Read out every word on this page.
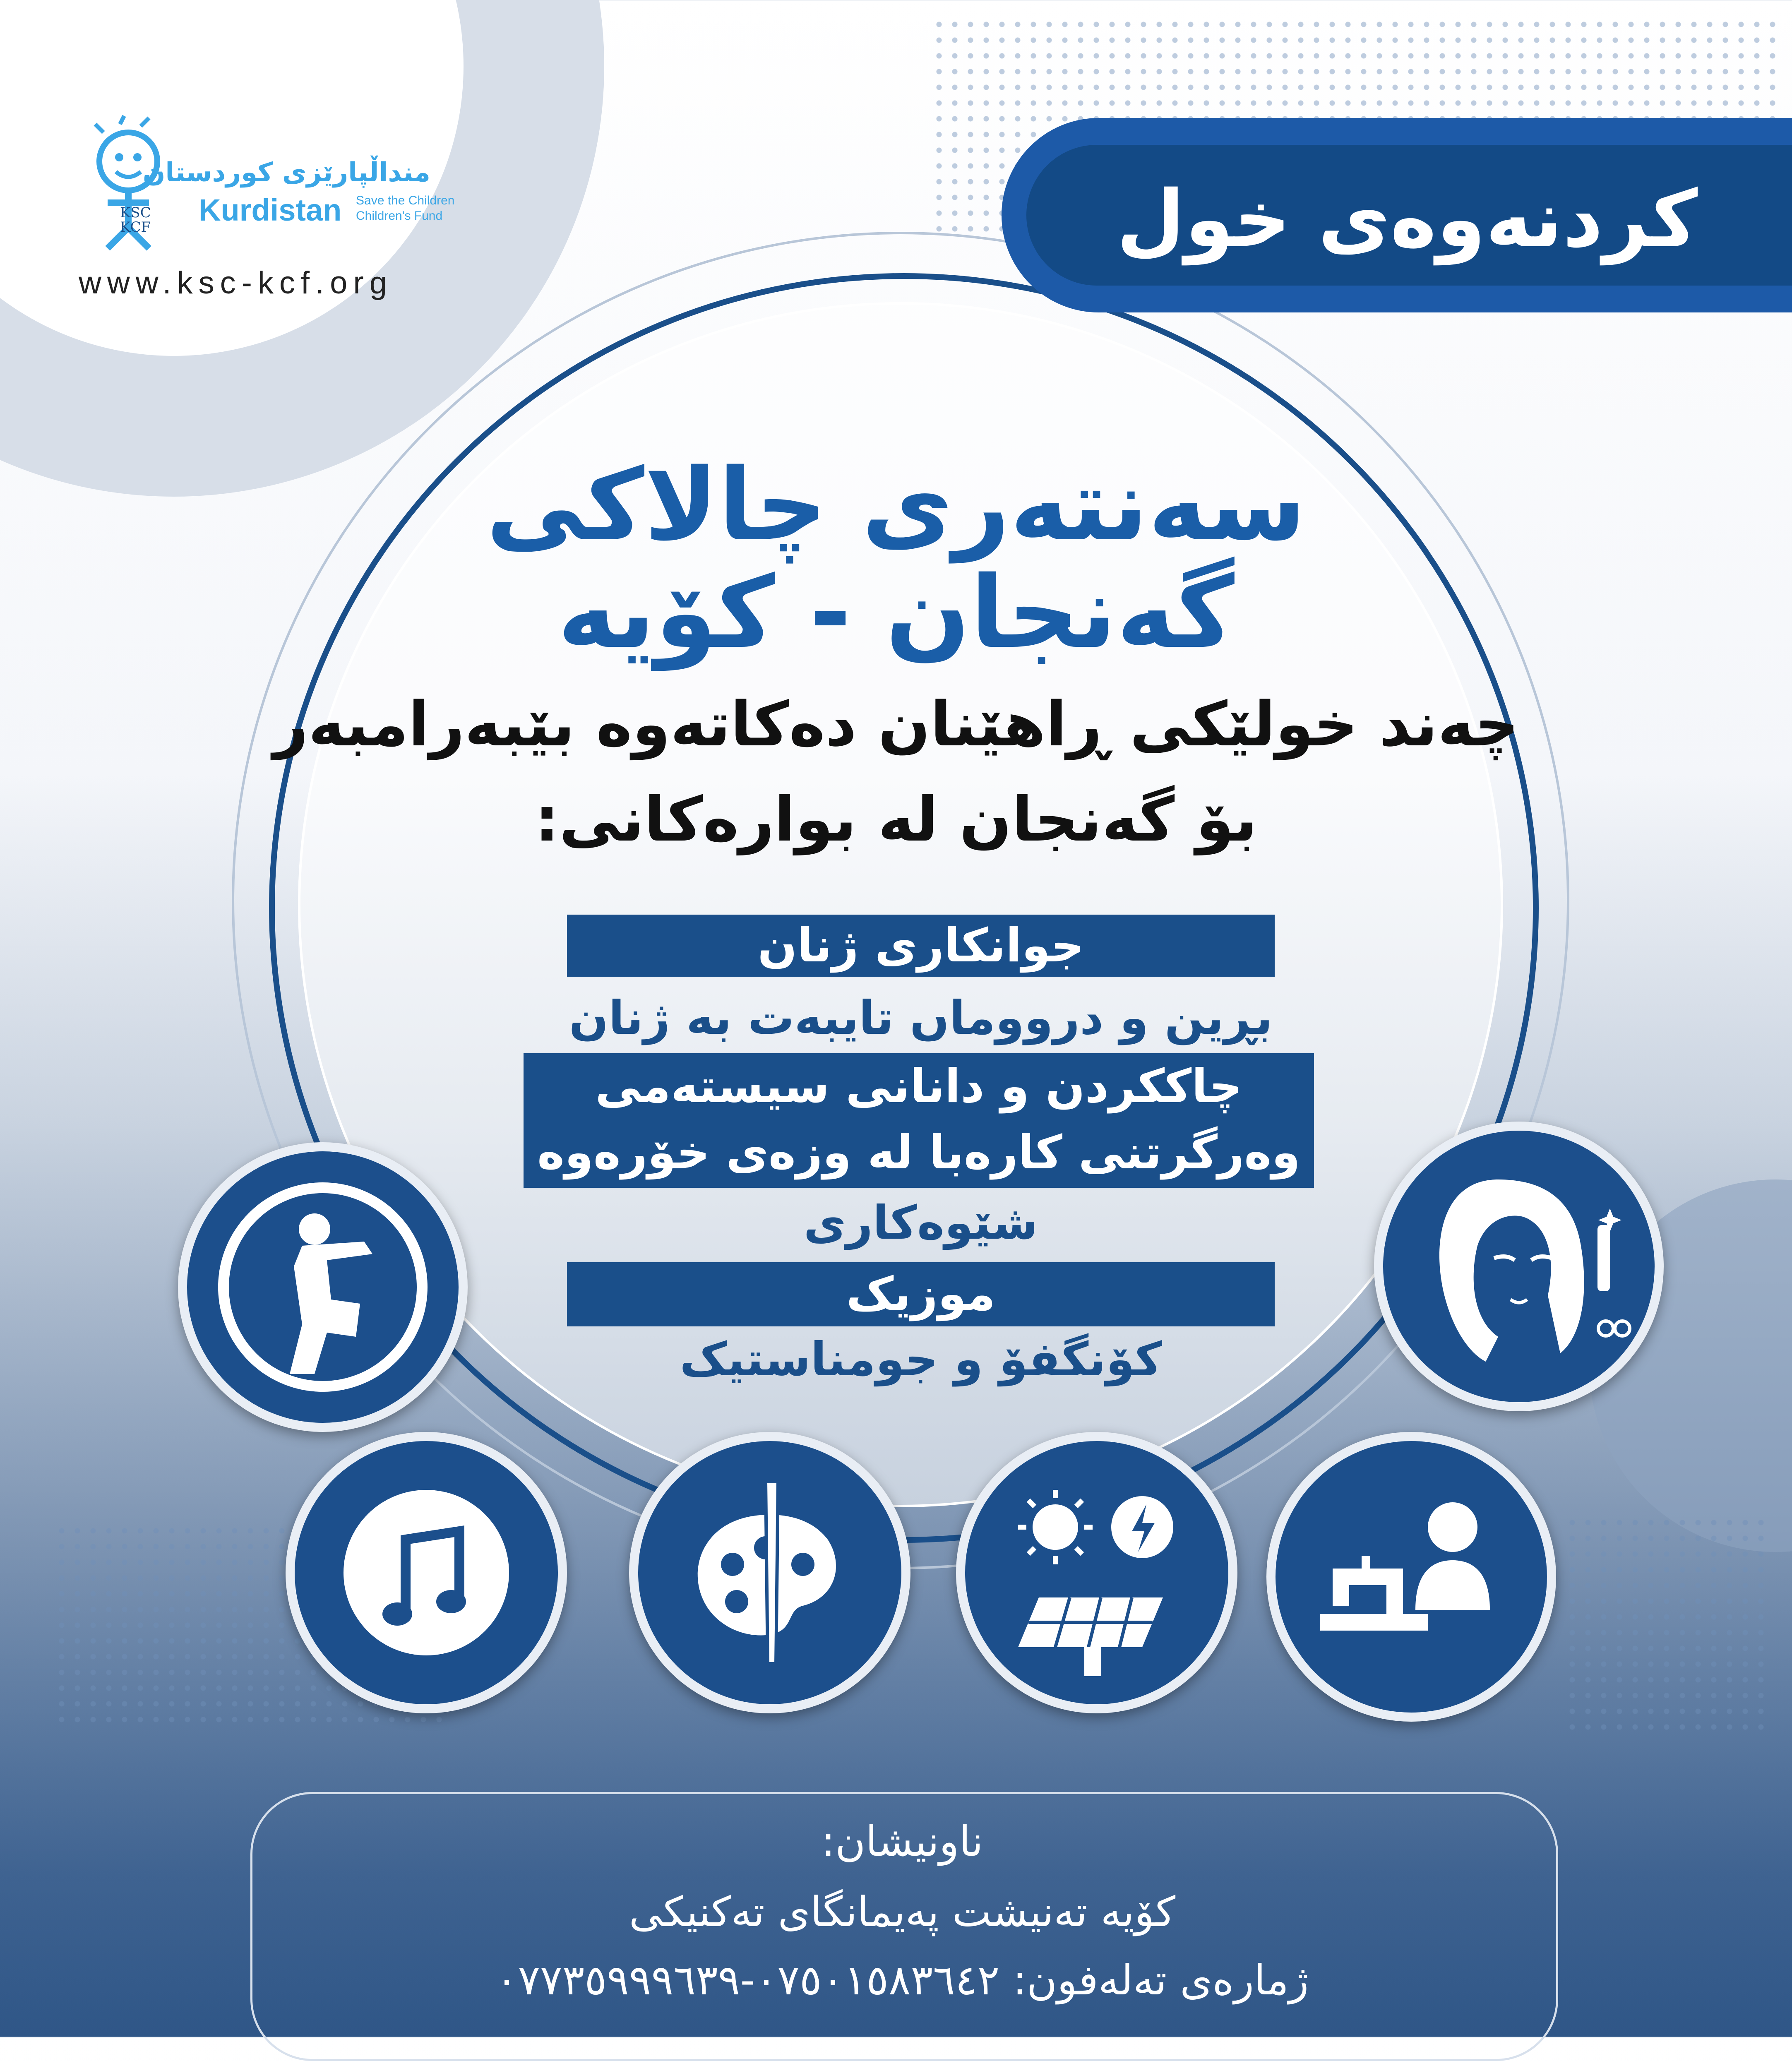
KSC
KCF
منداڵپارێزی کوردستان
Kurdistan Save the Children
Children's Fund
www.ksc-kcf.org
کردنەوەی خول
سەنتەری چالاکی
گەنجان - کۆیە
چەند خولێکی ڕاهێنان دەکاتەوە بێبەرامبەر
بۆ گەنجان لە بوارەکانی:
جوانکاری ژنان
بڕین و درووماں تایبەت بە ژنان
چاککردن و دانانی سیستەمی
وەرگرتنی کارەبا لە وزەی خۆرەوە
شێوەکاری
موزیک
کۆنگفۆ و جومناستیک
ناونیشان:
کۆیە تەنیشت پەیمانگای تەکنیکی
ژمارەی تەلەفون: ٠٧٥٠١٥٨٣٦٤٢-٠٧٧٣٥٩٩٩٦٣٩
